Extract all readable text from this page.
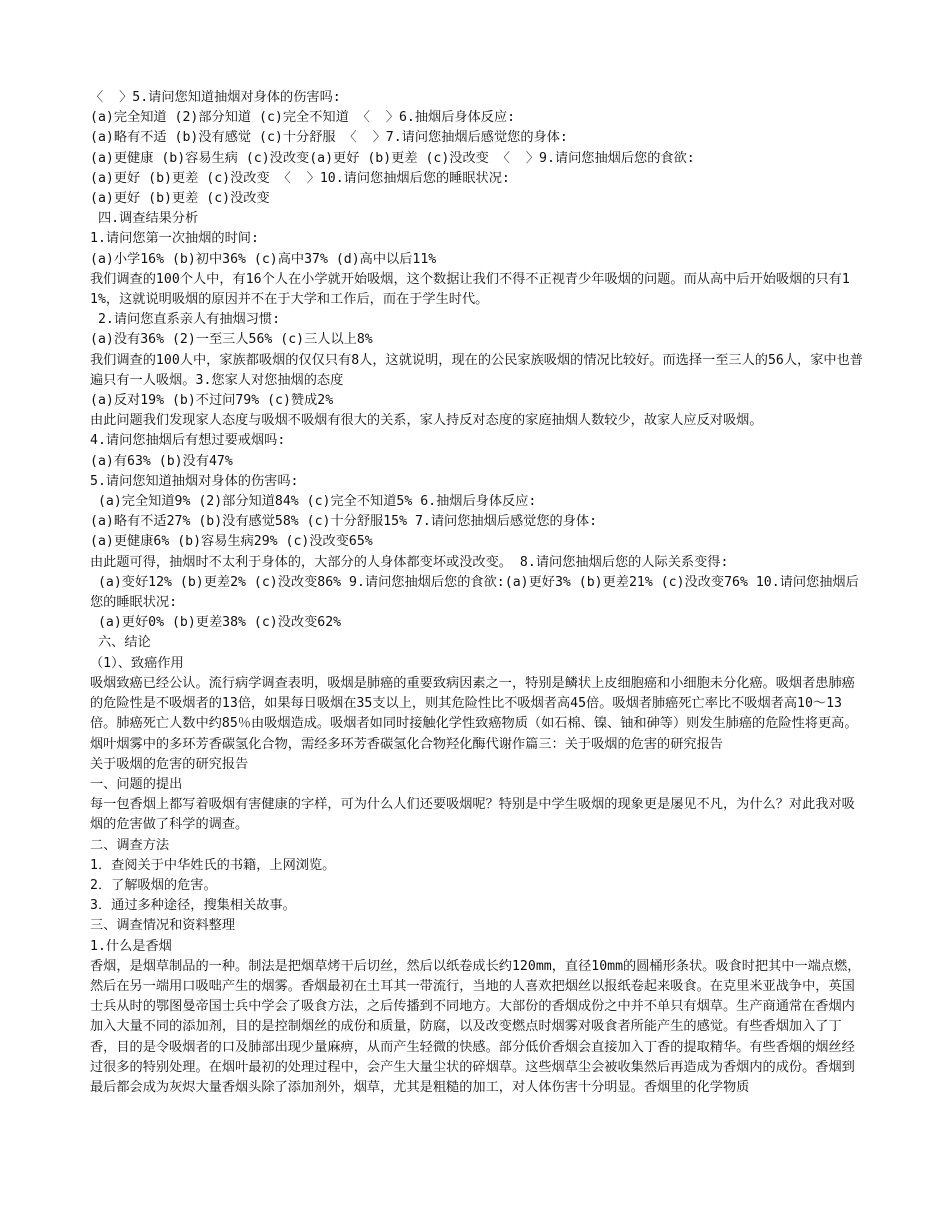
〈  〉5.请问您知道抽烟对身体的伤害吗:
(a)完全知道 (2)部分知道 (c)完全不知道 〈  〉6.抽烟后身体反应:
(a)略有不适 (b)没有感觉 (c)十分舒服 〈  〉7.请问您抽烟后感觉您的身体:
(a)更健康 (b)容易生病 (c)没改变(a)更好 (b)更差 (c)没改变 〈  〉9.请问您抽烟后您的食欲:
(a)更好 (b)更差 (c)没改变 〈  〉10.请问您抽烟后您的睡眠状况:
(a)更好 (b)更差 (c)没改变
四.调查结果分析
1.请问您第一次抽烟的时间:
(a)小学16% (b)初中36% (c)高中37% (d)高中以后11%
我们调查的100个人中，有16个人在小学就开始吸烟，这个数据让我们不得不正视青少年吸烟的问题。而从高中后开始吸烟的只有11%，这就说明吸烟的原因并不在于大学和工作后，而在于学生时代。
2.请问您直系亲人有抽烟习惯:
(a)没有36% (2)一至三人56% (c)三人以上8%
我们调查的100人中，家族都吸烟的仅仅只有8人，这就说明，现在的公民家族吸烟的情况比较好。而选择一至三人的56人，家中也普遍只有一人吸烟。3.您家人对您抽烟的态度
(a)反对19% (b)不过问79% (c)赞成2%
由此问题我们发现家人态度与吸烟不吸烟有很大的关系，家人持反对态度的家庭抽烟人数较少，故家人应反对吸烟。
4.请问您抽烟后有想过要戒烟吗:
(a)有63% (b)没有47%
5.请问您知道抽烟对身体的伤害吗:
(a)完全知道9% (2)部分知道84% (c)完全不知道5% 6.抽烟后身体反应:
(a)略有不适27% (b)没有感觉58% (c)十分舒服15% 7.请问您抽烟后感觉您的身体:
(a)更健康6% (b)容易生病29% (c)没改变65%
由此题可得，抽烟时不太利于身体的，大部分的人身体都变坏或没改变。 8.请问您抽烟后您的人际关系变得:
(a)变好12% (b)更差2% (c)没改变86% 9.请问您抽烟后您的食欲:(a)更好3% (b)更差21% (c)没改变76% 10.请问您抽烟后您的睡眠状况:
(a)更好0% (b)更差38% (c)没改变62%
六、结论
（1）、致癌作用
吸烟致癌已经公认。流行病学调查表明，吸烟是肺癌的重要致病因素之一，特别是鳞状上皮细胞癌和小细胞未分化癌。吸烟者患肺癌的危险性是不吸烟者的13倍，如果每日吸烟在35支以上，则其危险性比不吸烟者高45倍。吸烟者肺癌死亡率比不吸烟者高10～13倍。肺癌死亡人数中约85％由吸烟造成。吸烟者如同时接触化学性致癌物质（如石棉、镍、铀和砷等）则发生肺癌的危险性将更高。烟叶烟雾中的多环芳香碳氢化合物，需经多环芳香碳氢化合物羟化酶代谢作篇三：关于吸烟的危害的研究报告
关于吸烟的危害的研究报告
一、问题的提出
每一包香烟上都写着吸烟有害健康的字样，可为什么人们还要吸烟呢？特别是中学生吸烟的现象更是屡见不凡，为什么？对此我对吸烟的危害做了科学的调查。
二、调查方法
1．查阅关于中华姓氏的书籍，上网浏览。
2．了解吸烟的危害。
3．通过多种途径，搜集相关故事。
三、调查情况和资料整理
1.什么是香烟
香烟，是烟草制品的一种。制法是把烟草烤干后切丝，然后以纸卷成长约120mm，直径10mm的圆桶形条状。吸食时把其中一端点燃，然后在另一端用口吸咄产生的烟雾。香烟最初在土耳其一带流行，当地的人喜欢把烟丝以报纸卷起来吸食。在克里米亚战争中，英国士兵从时的鄂图曼帝国士兵中学会了吸食方法，之后传播到不同地方。大部份的香烟成份之中并不单只有烟草。生产商通常在香烟内加入大量不同的添加剂，目的是控制烟丝的成份和质量，防腐，以及改变燃点时烟雾对吸食者所能产生的感觉。有些香烟加入了丁香，目的是令吸烟者的口及肺部出现少量麻痹，从而产生轻微的快感。部分低价香烟会直接加入丁香的提取精华。有些香烟的烟丝经过很多的特别处理。在烟叶最初的处理过程中，会产生大量尘状的碎烟草。这些烟草尘会被收集然后再造成为香烟内的成份。香烟到最后都会成为灰烬大量香烟头除了添加剂外，烟草，尤其是粗糙的加工，对人体伤害十分明显。香烟里的化学物质
